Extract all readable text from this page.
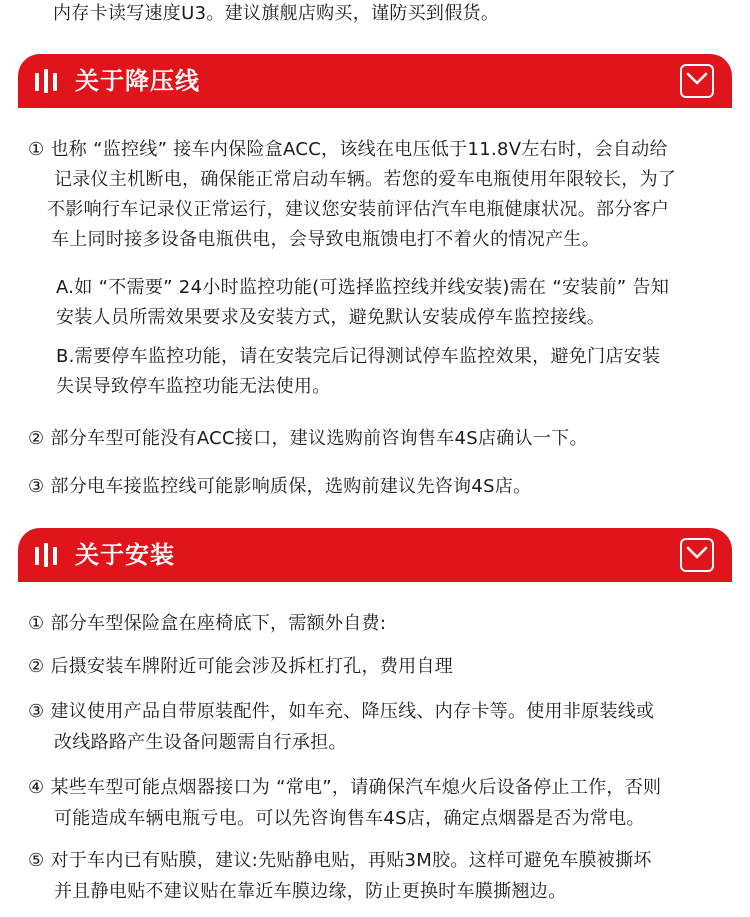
内存卡读写速度U3。建议旗舰店购买，谨防买到假货。
关于降压线
① 也称 “监控线” 接车内保险盒ACC，该线在电压低于11.8V左右时，会自动给
记录仪主机断电，确保能正常启动车辆。若您的爱车电瓶使用年限较长，为了
不影响行车记录仪正常运行，建议您安装前评估汽车电瓶健康状况。部分客户
车上同时接多设备电瓶供电，会导致电瓶馈电打不着火的情况产生。
A.如 “不需要” 24小时监控功能(可选择监控线并线安装)需在 “安装前” 告知
安装人员所需效果要求及安装方式，避免默认安装成停车监控接线。
B.需要停车监控功能，请在安装完后记得测试停车监控效果，避免门店安装
失误导致停车监控功能无法使用。
② 部分车型可能没有ACC接口，建议选购前咨询售车4S店确认一下。
③ 部分电车接监控线可能影响质保，选购前建议先咨询4S店。
关于安装
① 部分车型保险盒在座椅底下，需额外自费:
② 后摄安装车牌附近可能会涉及拆杠打孔，费用自理
③ 建议使用产品自带原装配件，如车充、降压线、内存卡等。使用非原装线或
改线路路产生设备问题需自行承担。
④ 某些车型可能点烟器接口为 “常电”，请确保汽车熄火后设备停止工作，否则
可能造成车辆电瓶亏电。可以先咨询售车4S店，确定点烟器是否为常电。
⑤ 对于车内已有贴膜，建议:先贴静电贴，再贴3M胶。这样可避免车膜被撕坏
并且静电贴不建议贴在靠近车膜边缘，防止更换时车膜撕翘边。
